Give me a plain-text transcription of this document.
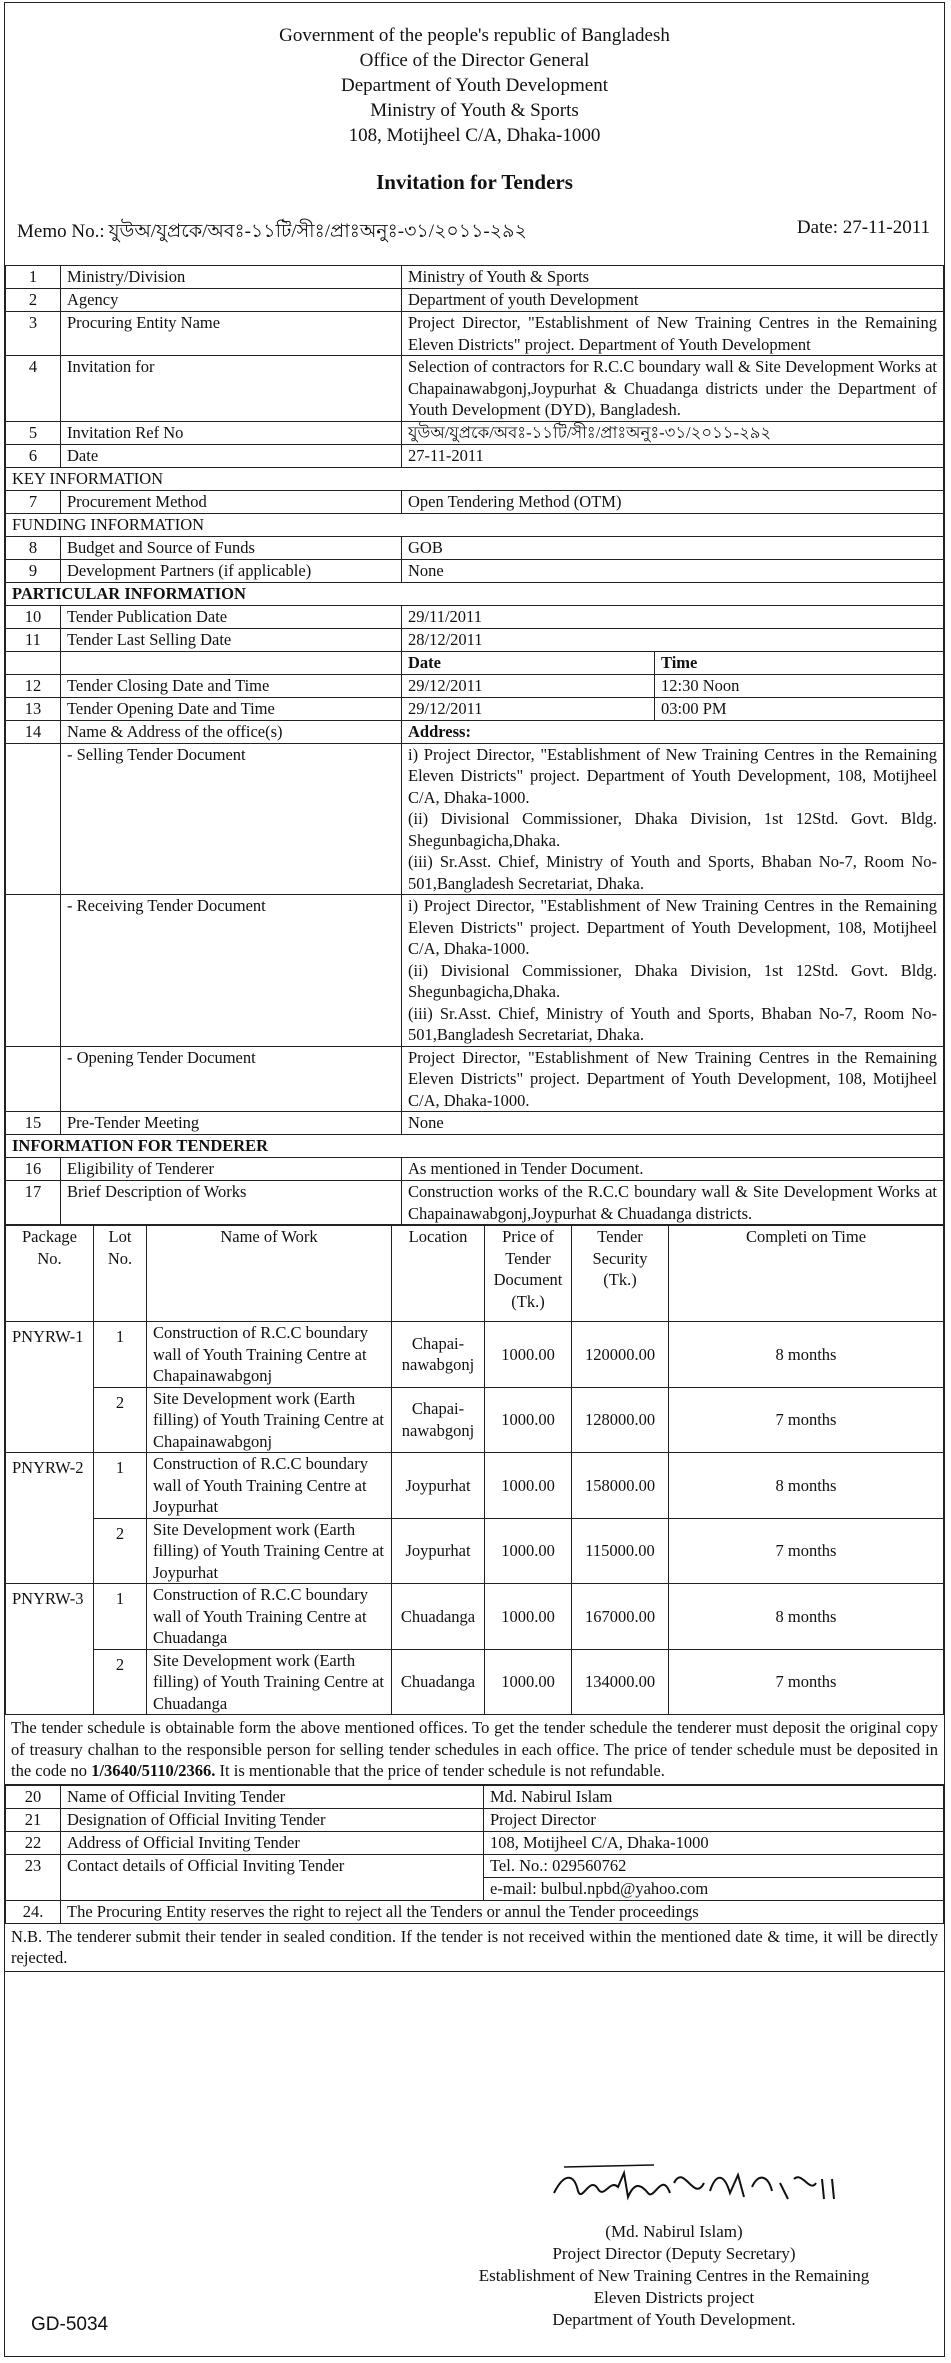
Government of the people's republic of Bangladesh
Office of the Director General
Department of Youth Development
Ministry of Youth & Sports
108, Motijheel C/A, Dhaka-1000
Invitation for Tenders
Memo No.: যুউঅ/যুপ্রকে/অবঃ-১১টি/সীঃ/প্রাঃঅনুঃ-৩১/২০১১-২৯২	Date: 27-11-2011
1	Ministry/Division	Ministry of Youth & Sports	
2	Agency	Department of youth Development	
3	Procuring Entity Name	Project Director, "Establishment of New Training Centres in the Remaining Eleven Districts" project. Department of Youth Development	
4	Invitation for	Selection of contractors for R.C.C boundary wall & Site Development Works at Chapainawabgonj,Joypurhat & Chuadanga districts under the Department of Youth Development (DYD), Bangladesh.	
5	Invitation Ref No	যুউঅ/যুপ্রকে/অবঃ-১১টি/সীঃ/প্রাঃঅনুঃ-৩১/২০১১-২৯২	
6	Date	27-11-2011	
KEY INFORMATION			
7	Procurement Method	Open Tendering Method (OTM)	
FUNDING INFORMATION			
8	Budget and Source of Funds	GOB	
9	Development Partners (if applicable)	None	
PARTICULAR INFORMATION			
10	Tender Publication Date	29/11/2011	
11	Tender Last Selling Date	28/12/2011	
		Date	Time
12	Tender Closing Date and Time	29/12/2011	12:30 Noon
13	Tender Opening Date and Time	29/12/2011	03:00 PM
14	Name & Address of the office(s)	Address:	
	- Selling Tender Document	i) Project Director, "Establishment of New Training Centres in the Remaining Eleven Districts" project. Department of Youth Development, 108, Motijheel C/A, Dhaka-1000.
(ii) Divisional Commissioner, Dhaka Division, 1st 12Std. Govt. Bldg. Shegunbagicha,Dhaka.
(iii) Sr.Asst. Chief, Ministry of Youth and Sports, Bhaban No-7, Room No-501,Bangladesh Secretariat, Dhaka.	

	- Receiving Tender Document	i) Project Director, "Establishment of New Training Centres in the Remaining Eleven Districts" project. Department of Youth Development, 108, Motijheel C/A, Dhaka-1000.
(ii) Divisional Commissioner, Dhaka Division, 1st 12Std. Govt. Bldg. Shegunbagicha,Dhaka.
(iii) Sr.Asst. Chief, Ministry of Youth and Sports, Bhaban No-7, Room No-501,Bangladesh Secretariat, Dhaka.	

	- Opening Tender Document	Project Director, "Establishment of New Training Centres in the Remaining Eleven Districts" project. Department of Youth Development, 108, Motijheel C/A, Dhaka-1000.	
15	Pre-Tender Meeting	None	
INFORMATION FOR TENDERER			
16	Eligibility of Tenderer	As mentioned in Tender Document.	
17	Brief Description of Works	Construction works of the R.C.C boundary wall & Site Development Works at Chapainawabgonj,Joypurhat & Chuadanga districts.	
Package No.	Lot No.	Name of Work	Location	Price of Tender Document (Tk.)	Tender Security (Tk.)	Completi on Time
PNYRW-1	1	Construction of R.C.C boundary wall of Youth Training Centre at Chapainawabgonj	Chapai-nawabgonj	1000.00	120000.00	8 months
	2	Site Development work (Earth filling) of Youth Training Centre at Chapainawabgonj	Chapai-nawabgonj	1000.00	128000.00	7 months
PNYRW-2	1	Construction of R.C.C boundary wall of Youth Training Centre at Joypurhat	Joypurhat	1000.00	158000.00	8 months
	2	Site Development work (Earth filling) of Youth Training Centre at Joypurhat	Joypurhat	1000.00	115000.00	7 months
PNYRW-3	1	Construction of R.C.C boundary wall of Youth Training Centre at Chuadanga	Chuadanga	1000.00	167000.00	8 months
	2	Site Development work (Earth filling) of Youth Training Centre at Chuadanga	Chuadanga	1000.00	134000.00	7 months
The tender schedule is obtainable form the above mentioned offices. To get the tender schedule the tenderer must deposit the original copy of treasury chalhan to the responsible person for selling tender schedules in each office. The price of tender schedule must be deposited in the code no 1/3640/5110/2366. It is mentionable that the price of tender schedule is not refundable.
20	Name of Official Inviting Tender	Md. Nabirul Islam
21	Designation of Official Inviting Tender	Project Director
22	Address of Official Inviting Tender	108, Motijheel C/A, Dhaka-1000
23	Contact details of Official Inviting Tender	Tel. No.: 029560762
		e-mail: bulbul.npbd@yahoo.com
24.	The Procuring Entity reserves the right to reject all the Tenders or annul the Tender proceedings	
N.B. The tenderer submit their tender in sealed condition. If the tender is not received within the mentioned date & time, it will be directly rejected.
(Md. Nabirul Islam)
Project Director (Deputy Secretary)
Establishment of New Training Centres in the Remaining
Eleven Districts project
Department of Youth Development.
GD-5034
